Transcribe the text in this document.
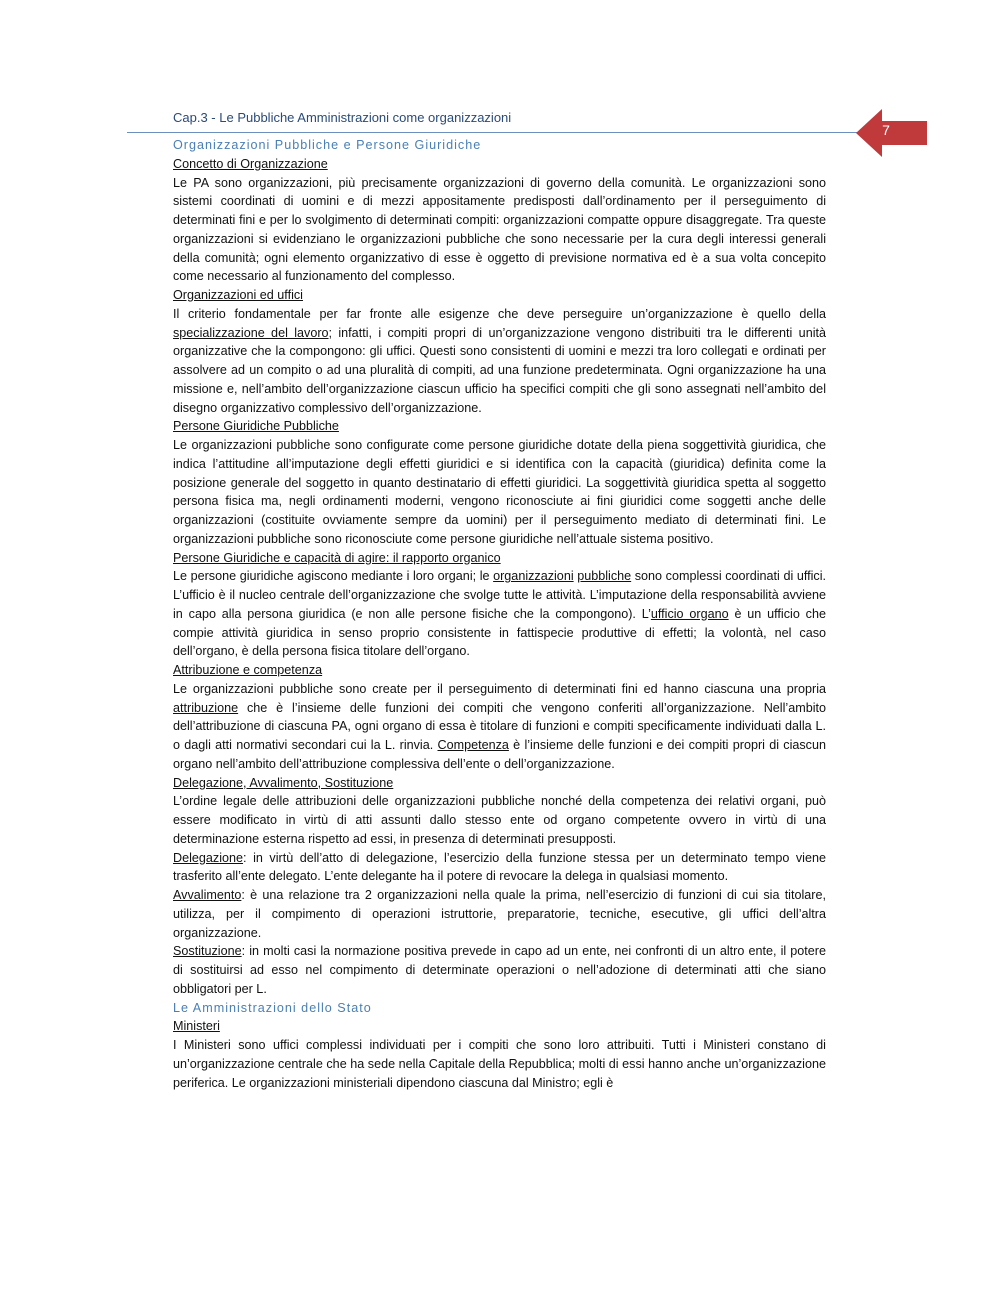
Cap.3 - Le Pubbliche Amministrazioni come organizzazioni
7

Organizzazioni Pubbliche e Persone Giuridiche

Concetto di Organizzazione

Le PA sono organizzazioni, più precisamente organizzazioni di governo della comunità. Le organizzazioni sono sistemi coordinati di uomini e di mezzi appositamente predisposti dall’ordinamento per il perseguimento di determinati fini e per lo svolgimento di determinati compiti: organizzazioni compatte oppure disaggregate. Tra queste organizzazioni si evidenziano le organizzazioni pubbliche che sono necessarie per la cura degli interessi generali della comunità; ogni elemento organizzativo di esse è oggetto di previsione normativa ed è a sua volta concepito come necessario al funzionamento del complesso.

Organizzazioni ed uffici

Il criterio fondamentale per far fronte alle esigenze che deve perseguire un’organizzazione è quello della specializzazione del lavoro; infatti, i compiti propri di un’organizzazione vengono distribuiti tra le differenti unità organizzative che la compongono: gli uffici. Questi sono consistenti di uomini e mezzi tra loro collegati e ordinati per assolvere ad un compito o ad una pluralità di compiti, ad una funzione predeterminata. Ogni organizzazione ha una missione e, nell’ambito dell’organizzazione ciascun ufficio ha specifici compiti che gli sono assegnati nell’ambito del disegno organizzativo complessivo dell’organizzazione.

Persone Giuridiche Pubbliche

Le organizzazioni pubbliche sono configurate come persone giuridiche dotate della piena soggettività giuridica, che indica l’attitudine all’imputazione degli effetti giuridici e si identifica con la capacità (giuridica) definita come la posizione generale del soggetto in quanto destinatario di effetti giuridici. La soggettività giuridica spetta al soggetto persona fisica ma, negli ordinamenti moderni, vengono riconosciute ai fini giuridici come soggetti anche delle organizzazioni (costituite ovviamente sempre da uomini) per il perseguimento mediato di determinati fini. Le organizzazioni pubbliche sono riconosciute come persone giuridiche nell’attuale sistema positivo.

Persone Giuridiche e capacità di agire: il rapporto organico

Le persone giuridiche agiscono mediante i loro organi; le organizzazioni pubbliche sono complessi coordinati di uffici. L’ufficio è il nucleo centrale dell’organizzazione che svolge tutte le attività. L’imputazione della responsabilità avviene in capo alla persona giuridica (e non alle persone fisiche che la compongono). L’ufficio organo è un ufficio che compie attività giuridica in senso proprio consistente in fattispecie produttive di effetti; la volontà, nel caso dell’organo, è della persona fisica titolare dell’organo.

Attribuzione e competenza

Le organizzazioni pubbliche sono create per il perseguimento di determinati fini ed hanno ciascuna una propria attribuzione che è l’insieme delle funzioni dei compiti che vengono conferiti all’organizzazione. Nell’ambito dell’attribuzione di ciascuna PA, ogni organo di essa è titolare di funzioni e compiti specificamente individuati dalla L. o dagli atti normativi secondari cui la L. rinvia. Competenza è l’insieme delle funzioni e dei compiti propri di ciascun organo nell’ambito dell’attribuzione complessiva dell’ente o dell’organizzazione.

Delegazione, Avvalimento, Sostituzione

L’ordine legale delle attribuzioni delle organizzazioni pubbliche nonché della competenza dei relativi organi, può essere modificato in virtù di atti assunti dallo stesso ente od organo competente ovvero in virtù di una determinazione esterna rispetto ad essi, in presenza di determinati presupposti.

Delegazione: in virtù dell’atto di delegazione, l’esercizio della funzione stessa per un determinato tempo viene trasferito all’ente delegato. L’ente delegante ha il potere di revocare la delega in qualsiasi momento.

Avvalimento: è una relazione tra 2 organizzazioni nella quale la prima, nell’esercizio di funzioni di cui sia titolare, utilizza, per il compimento di operazioni istruttorie, preparatorie, tecniche, esecutive, gli uffici dell’altra organizzazione.

Sostituzione: in molti casi la normazione positiva prevede in capo ad un ente, nei confronti di un altro ente, il potere di sostituirsi ad esso nel compimento di determinate operazioni o nell’adozione di determinati atti che siano obbligatori per L.

Le Amministrazioni dello Stato

Ministeri

I Ministeri sono uffici complessi individuati per i compiti che sono loro attribuiti. Tutti i Ministeri constano di un’organizzazione centrale che ha sede nella Capitale della Repubblica; molti di essi hanno anche un’organizzazione periferica. Le organizzazioni ministeriali dipendono ciascuna dal Ministro; egli è
